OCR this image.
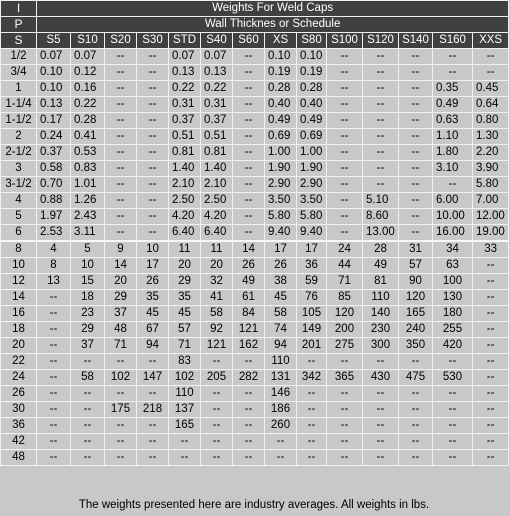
I	Weights For Weld Caps													
P	Wall Thicknes or Schedule													
S	S5	S10	S20	S30	STD	S40	S60	XS	S80	S100	S120	S140	S160	XXS
1/2	0.07	0.07	--	--	0.07	0.07	--	0.10	0.10	--	--	--	--	--
3/4	0.10	0.12	--	--	0.13	0.13	--	0.19	0.19	--	--	--	--	--
1	0.10	0.16	--	--	0.22	0.22	--	0.28	0.28	--	--	--	0.35	0.45
1-1/4	0.13	0.22	--	--	0.31	0.31	--	0.40	0.40	--	--	--	0.49	0.64
1-1/2	0.17	0.28	--	--	0.37	0.37	--	0.49	0.49	--	--	--	0.63	0.80
2	0.24	0.41	--	--	0.51	0.51	--	0.69	0.69	--	--	--	1.10	1.30
2-1/2	0.37	0.53	--	--	0.81	0.81	--	1.00	1.00	--	--	--	1.80	2.20
3	0.58	0.83	--	--	1.40	1.40	--	1.90	1.90	--	--	--	3.10	3.90
3-1/2	0.70	1.01	--	--	2.10	2.10	--	2.90	2.90	--	--	--	--	5.80
4	0.88	1.26	--	--	2.50	2.50	--	3.50	3.50	--	5.10	--	6.00	7.00
5	1.97	2.43	--	--	4.20	4.20	--	5.80	5.80	--	8.60	--	10.00	12.00
6	2.53	3.11	--	--	6.40	6.40	--	9.40	9.40	--	13.00	--	16.00	19.00
8	4	5	9	10	11	11	14	17	17	24	28	31	34	33
10	8	10	14	17	20	20	26	26	36	44	49	57	63	--
12	13	15	20	26	29	32	49	38	59	71	81	90	100	--
14	--	18	29	35	35	41	61	45	76	85	110	120	130	--
16	--	23	37	45	45	58	84	58	105	120	140	165	180	--
18	--	29	48	67	57	92	121	74	149	200	230	240	255	--
20	--	37	71	94	71	121	162	94	201	275	300	350	420	--
22	--	--	--	--	83	--	--	110	--	--	--	--	--	--
24	--	58	102	147	102	205	282	131	342	365	430	475	530	--
26	--	--	--	--	110	--	--	146	--	--	--	--	--	--
30	--	--	175	218	137	--	--	186	--	--	--	--	--	--
36	--	--	--	--	165	--	--	260	--	--	--	--	--	--
42	--	--	--	--	--	--	--	--	--	--	--	--	--	--
48	--	--	--	--	--	--	--	--	--	--	--	--	--	--
The weights presented here are industry averages. All weights in lbs.
